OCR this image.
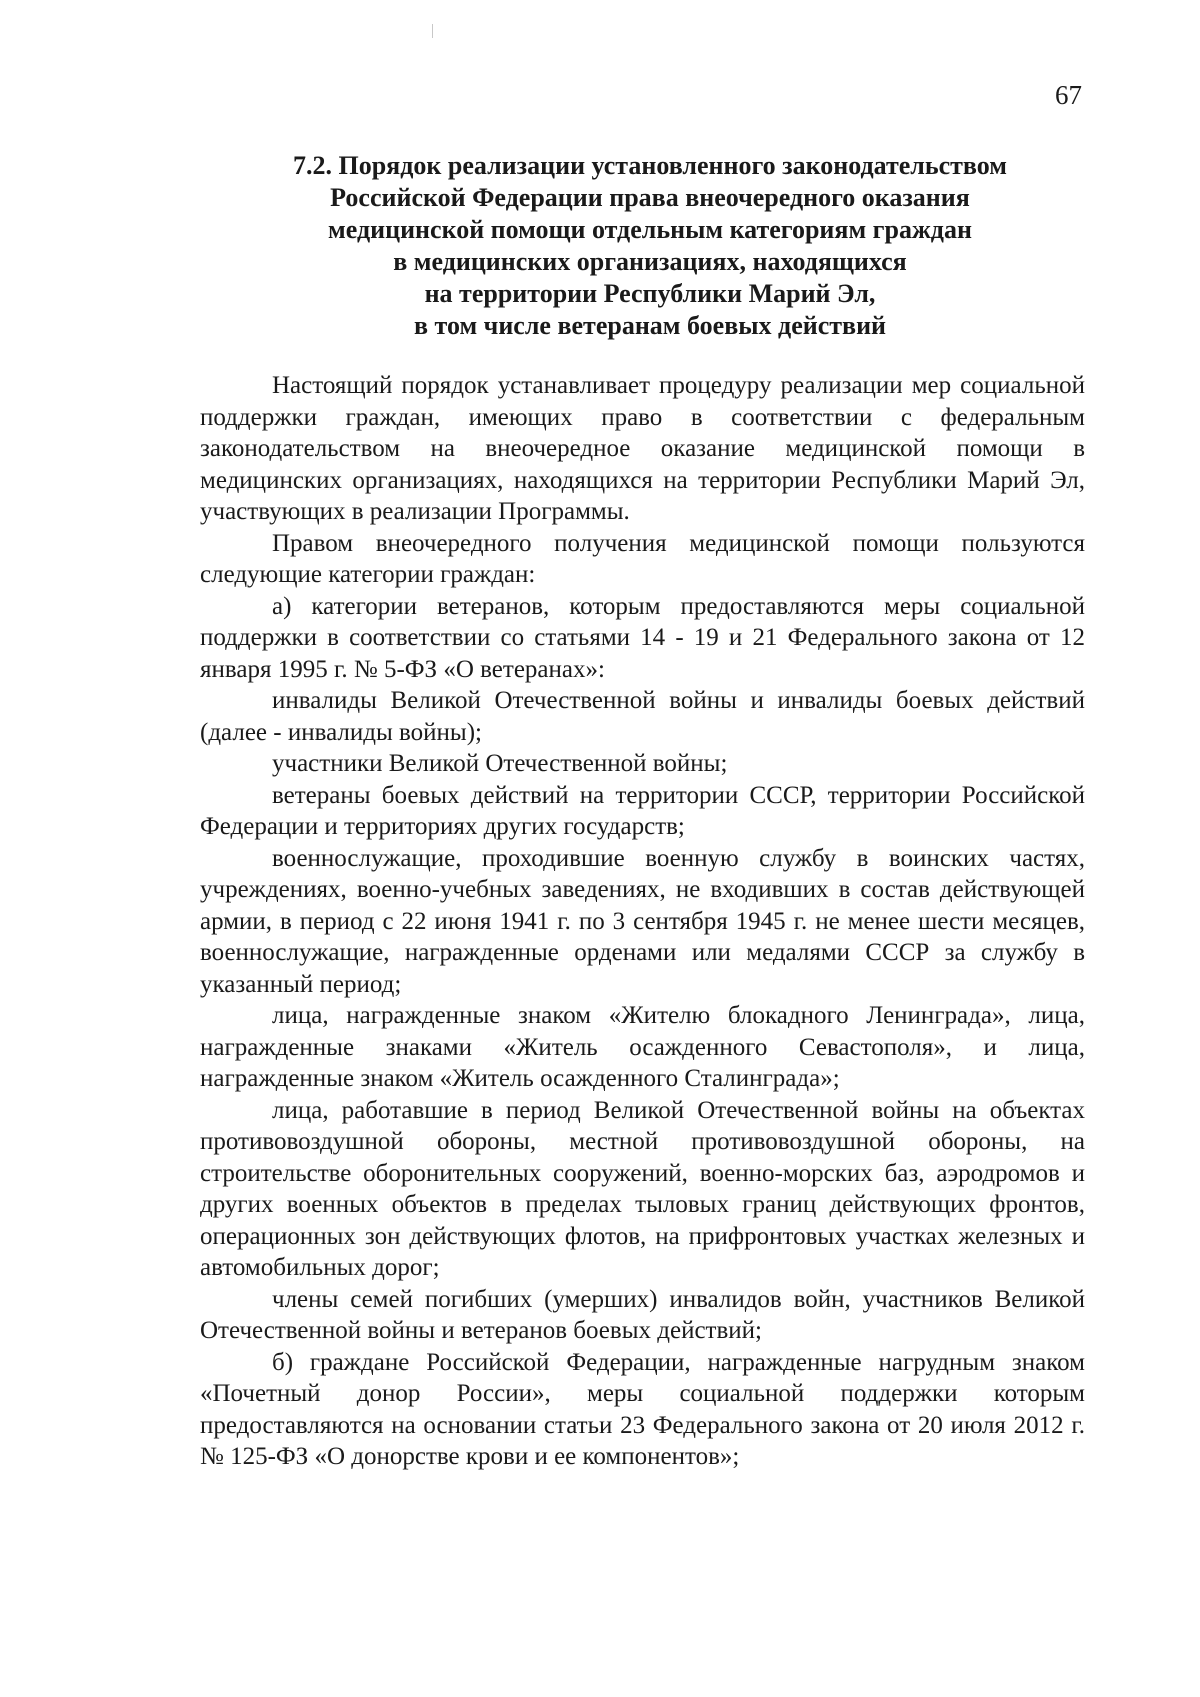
67
7.2. Порядок реализации установленного законодательством
Российской Федерации права внеочередного оказания
медицинской помощи отдельным категориям граждан
в медицинских организациях, находящихся
на территории Республики Марий Эл,
в том числе ветеранам боевых действий

Настоящий порядок устанавливает процедуру реализации мер социальной поддержки граждан, имеющих право в соответствии с федеральным законодательством на внеочередное оказание медицинской помощи в медицинских организациях, находящихся на территории Республики Марий Эл, участвующих в реализации Программы.

Правом внеочередного получения медицинской помощи пользуются следующие категории граждан:

а) категории ветеранов, которым предоставляются меры социальной поддержки в соответствии со статьями 14 - 19 и 21 Федерального закона от 12 января 1995 г. № 5-ФЗ «О ветеранах»:

инвалиды Великой Отечественной войны и инвалиды боевых действий (далее - инвалиды войны);

участники Великой Отечественной войны;

ветераны боевых действий на территории СССР, территории Российской Федерации и территориях других государств;

военнослужащие, проходившие военную службу в воинских частях, учреждениях, военно-учебных заведениях, не входивших в состав действующей армии, в период с 22 июня 1941 г. по 3 сентября 1945 г. не менее шести месяцев, военнослужащие, награжденные орденами или медалями СССР за службу в указанный период;

лица, награжденные знаком «Жителю блокадного Ленинграда», лица, награжденные знаками «Житель осажденного Севастополя», и лица, награжденные знаком «Житель осажденного Сталинграда»;

лица, работавшие в период Великой Отечественной войны на объектах противовоздушной обороны, местной противовоздушной обороны, на строительстве оборонительных сооружений, военно-морских баз, аэродромов и других военных объектов в пределах тыловых границ действующих фронтов, операционных зон действующих флотов, на прифронтовых участках железных и автомобильных дорог;

члены семей погибших (умерших) инвалидов войн, участников Великой Отечественной войны и ветеранов боевых действий;

б) граждане Российской Федерации, награжденные нагрудным знаком «Почетный донор России», меры социальной поддержки которым предоставляются на основании статьи 23 Федерального закона от 20 июля 2012 г. № 125-ФЗ «О донорстве крови и ее компонентов»;
